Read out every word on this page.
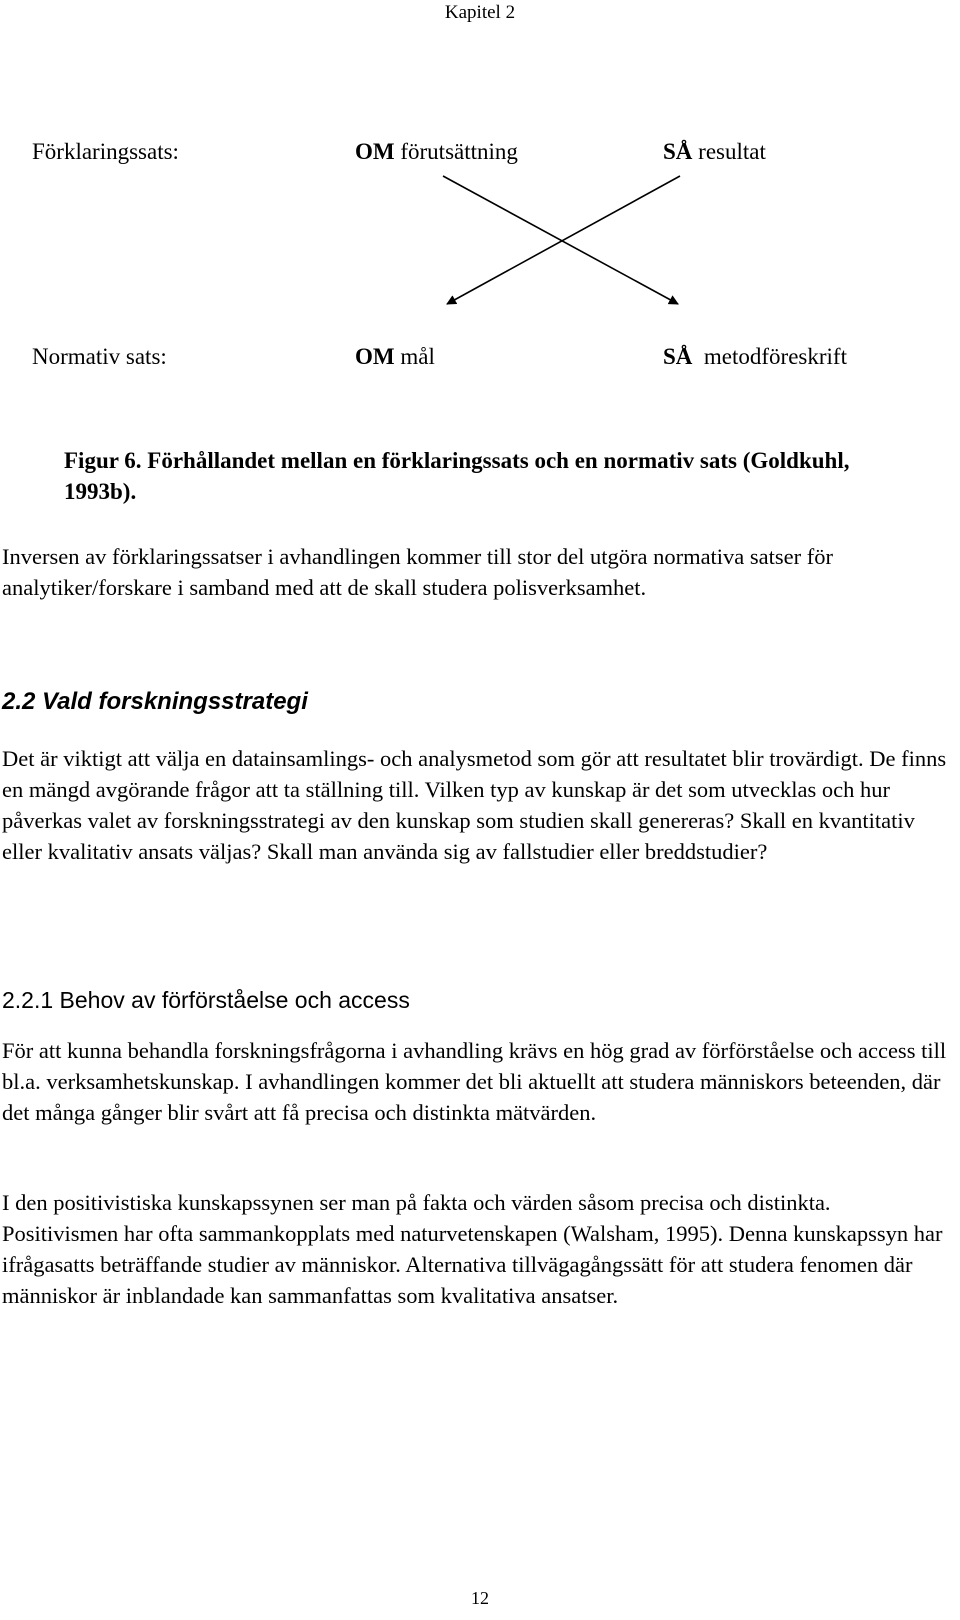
Kapitel 2
Förklaringssats:	OM förutsättning	SÅ resultat
Normativ sats:	OM mål	SÅ metodföreskrift
Figur 6. Förhållandet mellan en förklaringssats och en normativ sats (Goldkuhl, 1993b).
Inversen av förklaringssatser i avhandlingen kommer till stor del utgöra normativa satser för analytiker/forskare i samband med att de skall studera polisverksamhet.
2.2 Vald forskningsstrategi
Det är viktigt att välja en datainsamlings- och analysmetod som gör att resultatet blir trovärdigt. De finns en mängd avgörande frågor att ta ställning till. Vilken typ av kunskap är det som utvecklas och hur påverkas valet av forskningsstrategi av den kunskap som studien skall genereras? Skall en kvantitativ eller kvalitativ ansats väljas? Skall man använda sig av fallstudier eller breddstudier?
2.2.1 Behov av förförståelse och access
För att kunna behandla forskningsfrågorna i avhandling krävs en hög grad av förförståelse och access till bl.a. verksamhetskunskap. I avhandlingen kommer det bli aktuellt att studera människors beteenden, där det många gånger blir svårt att få precisa och distinkta mätvärden.
I den positivistiska kunskapssynen ser man på fakta och värden såsom precisa och distinkta. Positivismen har ofta sammankopplats med naturvetenskapen (Walsham, 1995). Denna kunskapssyn har ifrågasatts beträffande studier av människor. Alternativa tillvägagångssätt för att studera fenomen där människor är inblandade kan sammanfattas som kvalitativa ansatser.
12
